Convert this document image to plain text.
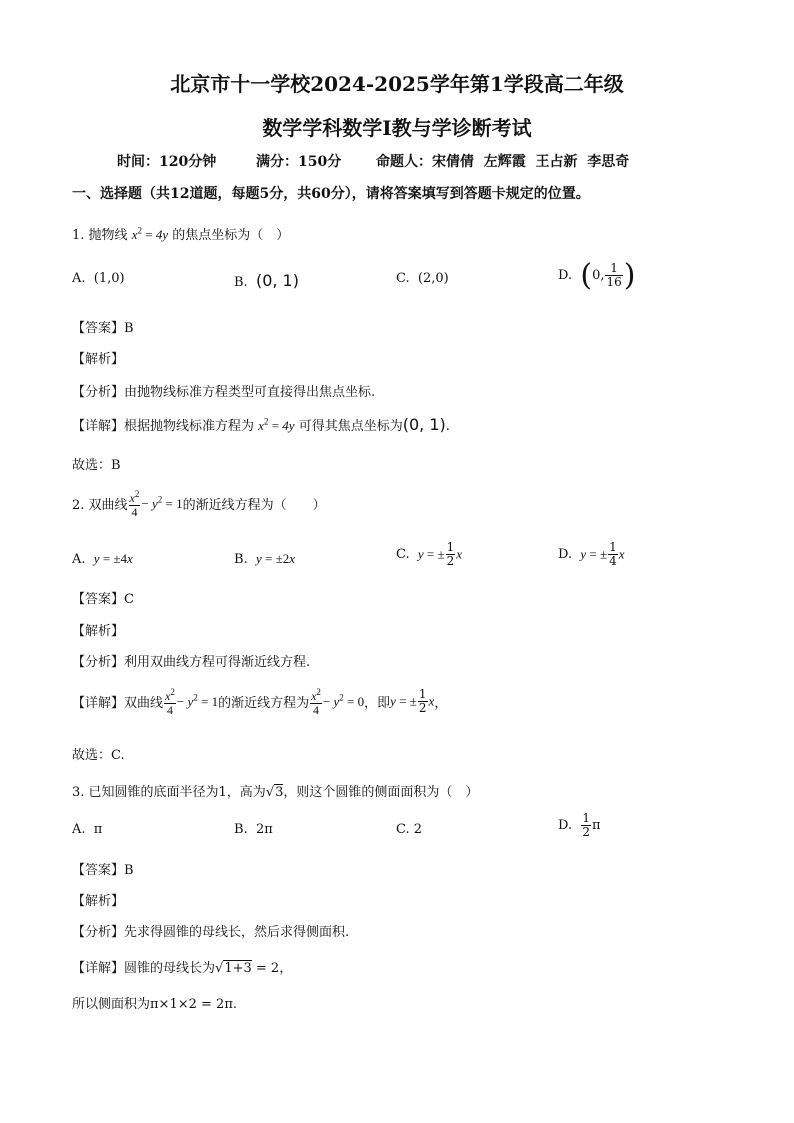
北京市十一学校2024-2025学年第1学段高二年级
数学学科数学Ⅰ教与学诊断考试
时间：120分钟	满分：150分 命题人：宋倩倩 左辉霞 王占新 李思奇
一、选择题（共12道题，每题5分，共60分），请将答案填写到答题卡规定的位置。
1. 抛物线 $x^2 = 4y$ 的焦点坐标为（　）
A. (1,0)	B. (0, 1)	C. (2,0)	D. (0, $\frac{1}{16}$ )
【答案】B
【解析】
【分析】由抛物线标准方程类型可直接得出焦点坐标.
【详解】根据抛物线标准方程为 $x^2 = 4y$ 可得其焦点坐标为(0, 1).
故选：B
2. 双曲线 $\frac{x^2}{4} - y^2 = 1$的渐近线方程为（　　）
A. y = ±4x	B. y = ±2x	C. y = ± $\frac{1}{2}$ x	D. y = ± $\frac{1}{4}$ x
【答案】C
【解析】
【分析】利用双曲线方程可得渐近线方程.
【详解】双曲线 $\frac{x^2}{4} - y^2 = 1$的渐近线方程为 $\frac{x^2}{4} - y^2 = 0$，即y = ± $\frac{1}{2}$ x，
故选：C.
3. 已知圆锥的底面半径为1，高为√3，则这个圆锥的侧面面积为（　）
A. π	B. 2π	C. 2	D. $\frac{1}{2}$ π
【答案】B
【解析】
【分析】先求得圆锥的母线长，然后求得侧面积.
【详解】圆锥的母线长为√1+3 = 2，
所以侧面积为π×1×2 = 2π.
